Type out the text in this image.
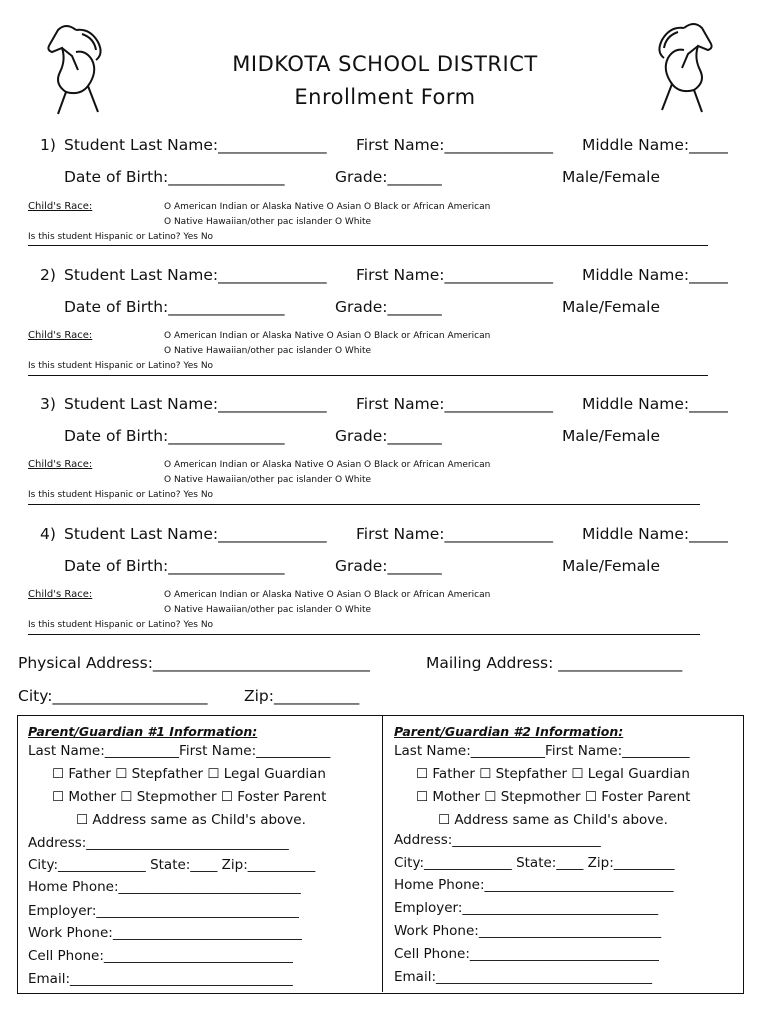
MIDKOTA SCHOOL DISTRICT
Enrollment Form
1) Student Last Name:______________ First Name:______________ Middle Name:_____
Date of Birth:_______________	Grade:_______	Male/Female
Child's Race:	O American Indian or Alaska Native O Asian O Black or African American
O Native Hawaiian/other pac islander O White
Is this student Hispanic or Latino? Yes No
2) Student Last Name:______________ First Name:______________ Middle Name:_____
Date of Birth:_______________	Grade:_______	Male/Female
Child's Race:	O American Indian or Alaska Native O Asian O Black or African American
O Native Hawaiian/other pac islander O White
Is this student Hispanic or Latino? Yes No
3) Student Last Name:______________ First Name:______________ Middle Name:_____
Date of Birth:_______________	Grade:_______	Male/Female
Child's Race:	O American Indian or Alaska Native O Asian O Black or African American
O Native Hawaiian/other pac islander O White
Is this student Hispanic or Latino? Yes No
4) Student Last Name:______________ First Name:______________ Middle Name:_____
Date of Birth:_______________	Grade:_______	Male/Female
Child's Race:	O American Indian or Alaska Native O Asian O Black or African American
O Native Hawaiian/other pac islander O White
Is this student Hispanic or Latino? Yes No
Physical Address:____________________________	Mailing Address: ________________
City:____________________ Zip:___________
Parent/Guardian #1 Information:
Last Name:___________First Name:___________
☐ Father ☐ Stepfather ☐ Legal Guardian
☐ Mother ☐ Stepmother ☐ Foster Parent
☐ Address same as Child's above.
Address:______________________________
City:_____________ State:____ Zip:__________
Home Phone:___________________________
Employer:______________________________
Work Phone:____________________________
Cell Phone:____________________________
Email:_________________________________
Parent/Guardian #2 Information:
Last Name:___________First Name:__________
☐ Father ☐ Stepfather ☐ Legal Guardian
☐ Mother ☐ Stepmother ☐ Foster Parent
☐ Address same as Child's above.
Address:______________________
City:_____________ State:____ Zip:_________
Home Phone:____________________________
Employer:_____________________________
Work Phone:___________________________
Cell Phone:____________________________
Email:________________________________
